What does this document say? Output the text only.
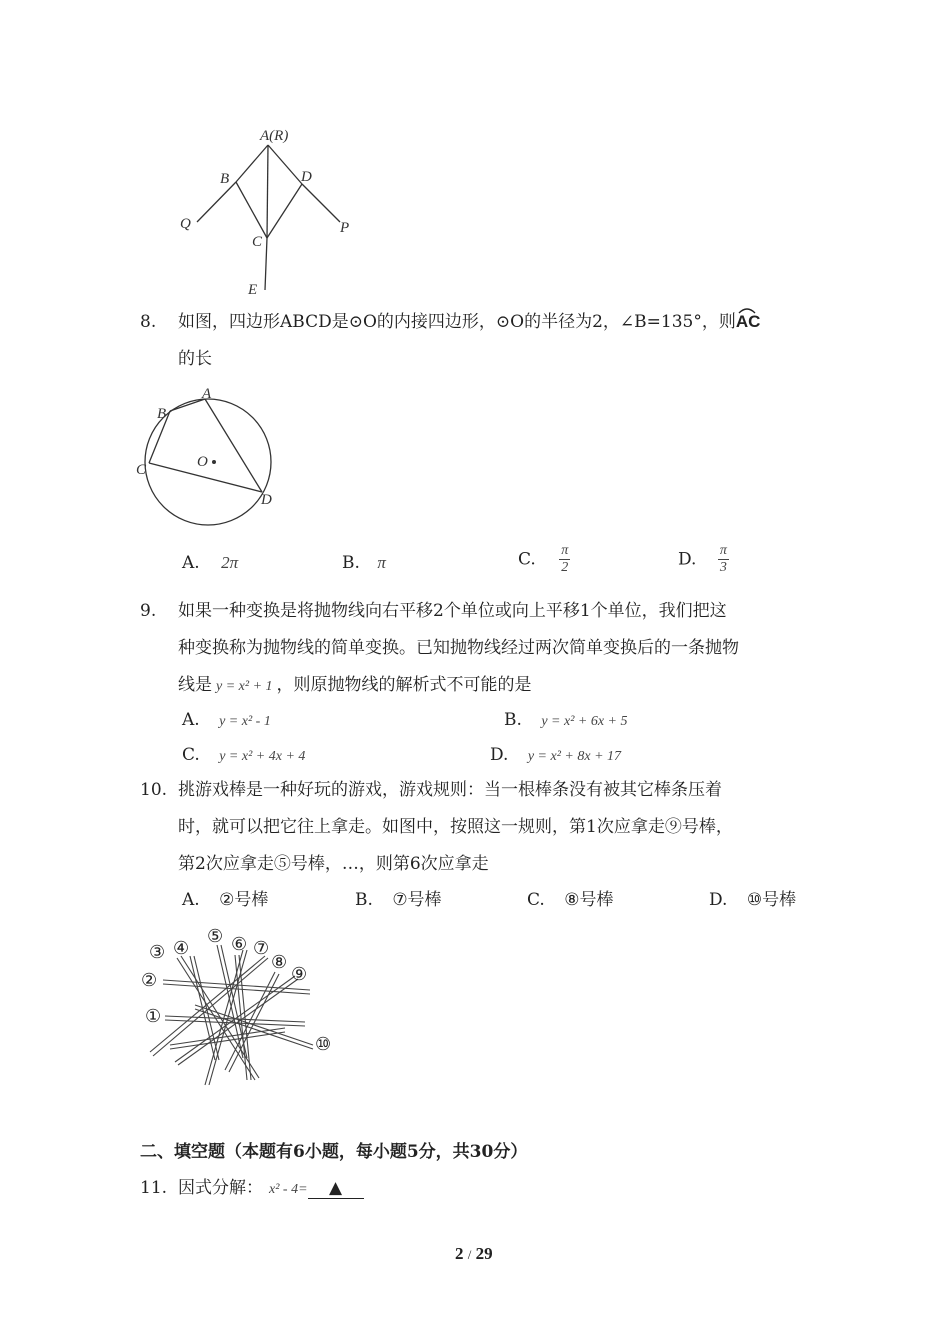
A(R)
B	D
Q
C
P
E
8. 如图，四边形ABCD是⊙O的内接四边形，⊙O的半径为2，∠B=135°，则AC
的长
A
B
C	O
D
A. 2π	B. π	C. $\frac{\pi}{2}$	D. $\frac{\pi}{3}$
9. 如果一种变换是将抛物线向右平移2个单位或向上平移1个单位，我们把这
种变换称为抛物线的简单变换。已知抛物线经过两次简单变换后的一条抛物
线是 y = x² + 1 ，则原抛物线的解析式不可能的是
A. y = x² - 1	B. y = x² + 6x + 5
C. y = x² + 4x + 4	D. y = x² + 8x + 17
10. 挑游戏棒是一种好玩的游戏，游戏规则：当一根棒条没有被其它棒条压着
时，就可以把它往上拿走。如图中，按照这一规则，第1次应拿走⑨号棒，
第2次应拿走⑤号棒，…，则第6次应拿走
A. ②号棒	B. ⑦号棒	C. ⑧号棒	D. ⑩号棒
①
②
③ ④
⑤ ⑥ ⑦
⑧
⑨
⑩
二、填空题（本题有6小题，每小题5分，共30分）
11. 因式分解： x² - 4= ▲
2 / 29
